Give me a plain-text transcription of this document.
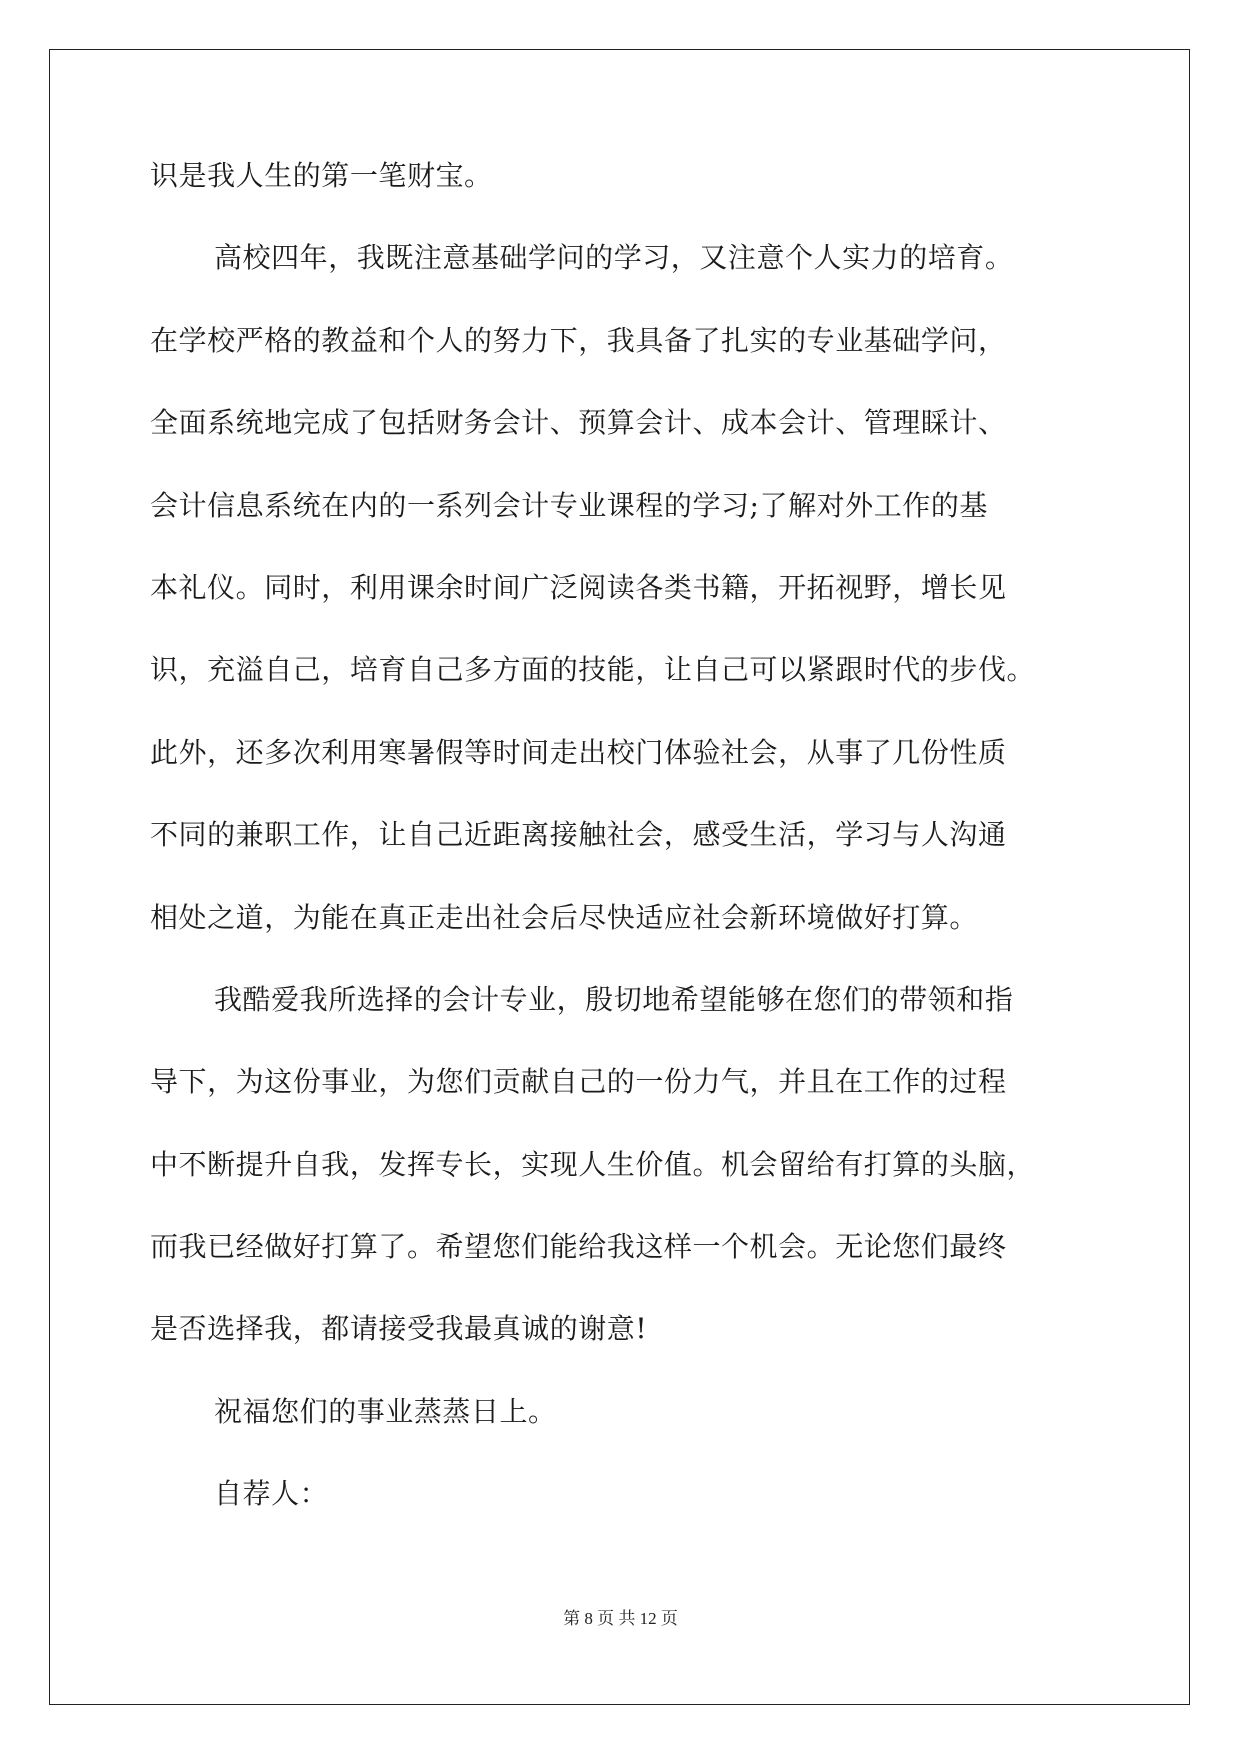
识是我人生的第一笔财宝。
高校四年，我既注意基础学问的学习，又注意个人实力的培育。
在学校严格的教益和个人的努力下，我具备了扎实的专业基础学问，
全面系统地完成了包括财务会计、预算会计、成本会计、管理睬计、
会计信息系统在内的一系列会计专业课程的学习;了解对外工作的基
本礼仪。同时，利用课余时间广泛阅读各类书籍，开拓视野，增长见
识，充溢自己，培育自己多方面的技能，让自己可以紧跟时代的步伐。
此外，还多次利用寒暑假等时间走出校门体验社会，从事了几份性质
不同的兼职工作，让自己近距离接触社会，感受生活，学习与人沟通
相处之道，为能在真正走出社会后尽快适应社会新环境做好打算。
我酷爱我所选择的会计专业，殷切地希望能够在您们的带领和指
导下，为这份事业，为您们贡献自己的一份力气，并且在工作的过程
中不断提升自我，发挥专长，实现人生价值。机会留给有打算的头脑，
而我已经做好打算了。希望您们能给我这样一个机会。无论您们最终
是否选择我，都请接受我最真诚的谢意!
祝福您们的事业蒸蒸日上。
自荐人：
第 8 页 共 12 页
